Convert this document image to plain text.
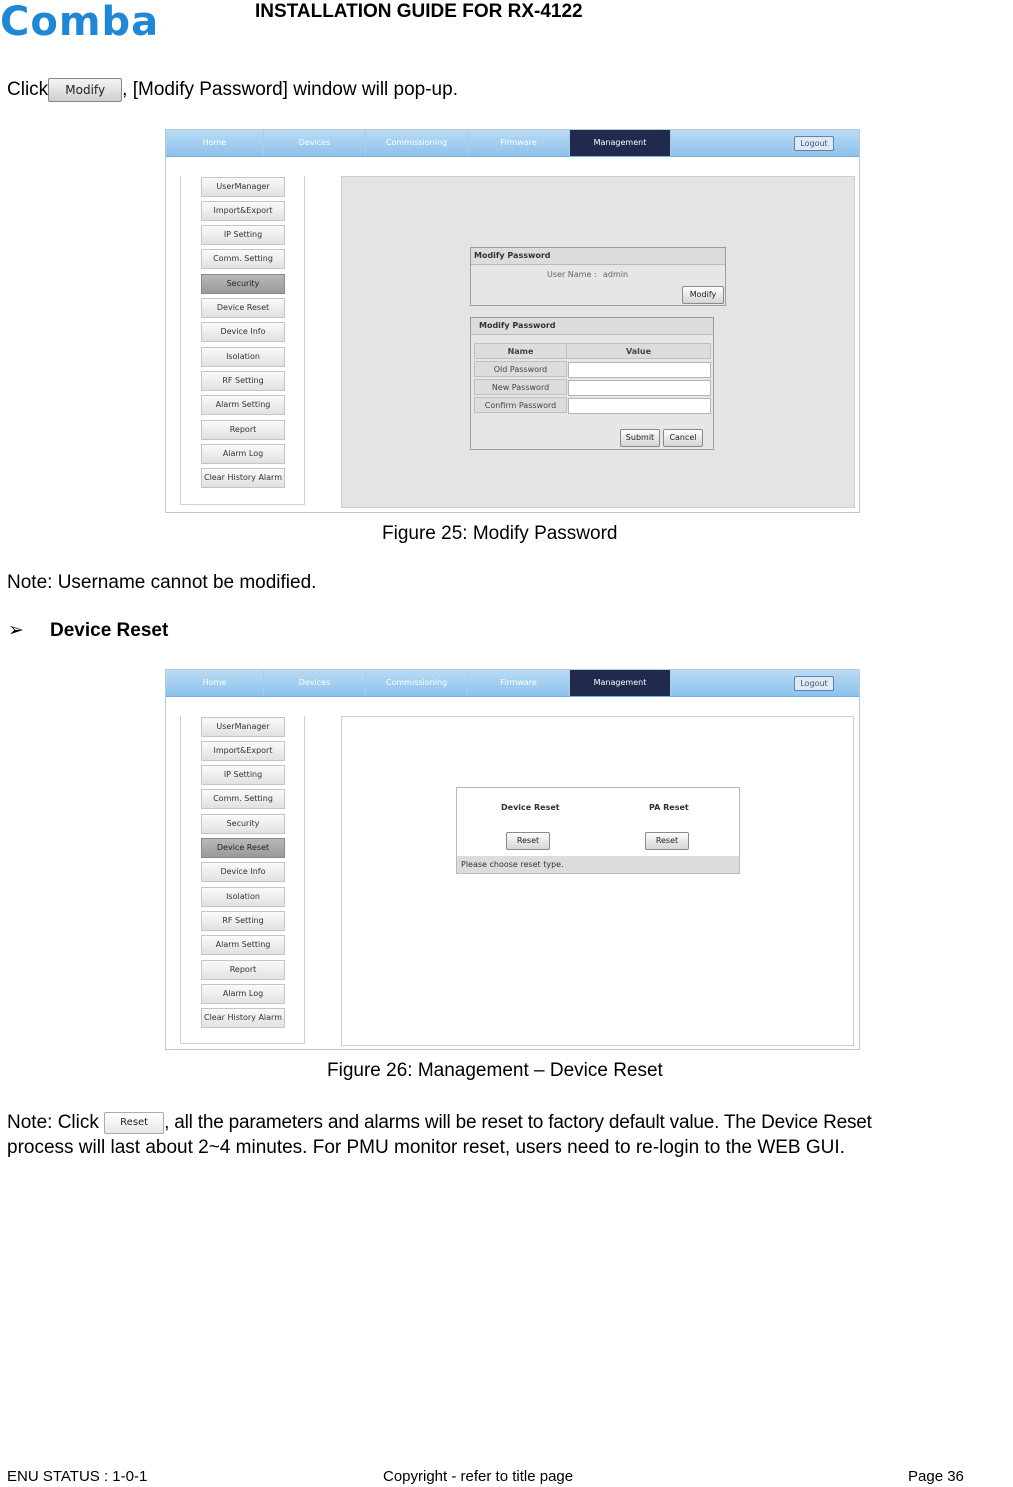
Comba	INSTALLATION GUIDE FOR RX-4122
Click Modify , [Modify Password] window will pop-up.
Home	Devices	Commissioning	Firmware	Management	Logout
UserManager
Import&Export
IP Setting
Comm. Setting
Security
Device Reset
Device Info
Isolation
RF Setting
Alarm Setting
Report
Alarm Log
Clear History Alarm
Modify Password
User Name : admin
Modify
Modify Password
Name	Value
Old Password
New Password
Confirm Password
Submit	Cancel
Figure 25: Modify Password
Note: Username cannot be modified.
➢ Device Reset
Home	Devices	Commissioning	Firmware	Management	Logout
UserManager
Import&Export
IP Setting
Comm. Setting
Security
Device Reset
Device Info
Isolation
RF Setting
Alarm Setting
Report
Alarm Log
Clear History Alarm
Device Reset	PA Reset
Reset	Reset
Please choose reset type.
Figure 26: Management – Device Reset
Note: Click Reset , all the parameters and alarms will be reset to factory default value. The Device Reset
process will last about 2~4 minutes. For PMU monitor reset, users need to re-login to the WEB GUI.
ENU STATUS : 1-0-1	Copyright - refer to title page	Page 36
